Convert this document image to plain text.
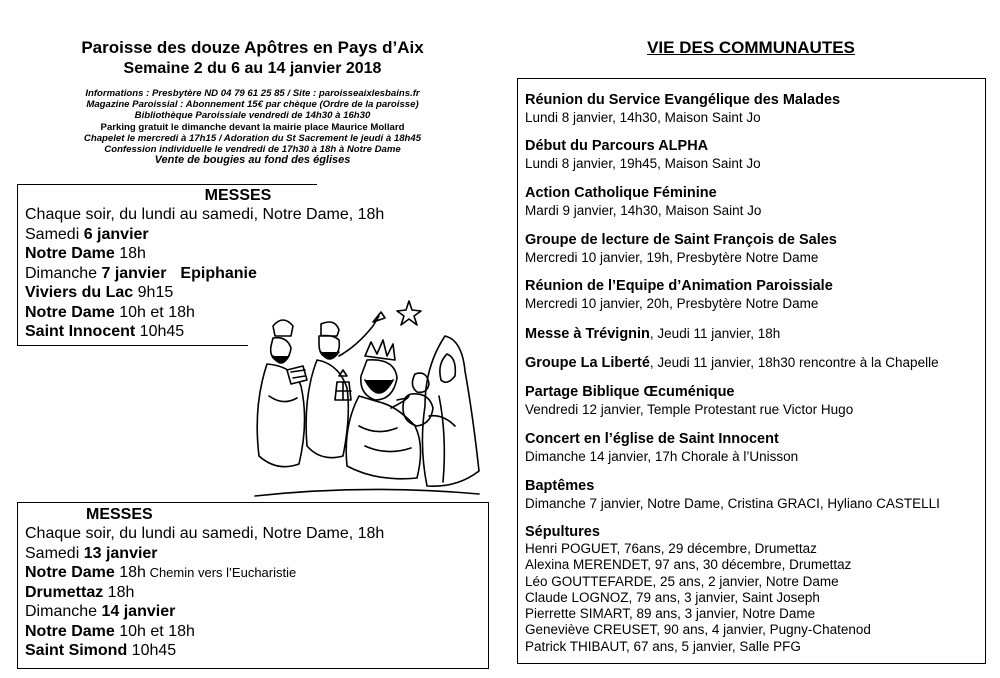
Paroisse des douze Apôtres en Pays d’Aix
Semaine 2 du 6 au 14 janvier 2018
Informations : Presbytère ND 04 79 61 25 85 / Site : paroisseaixlesbains.fr
Magazine Paroissial : Abonnement 15€ par chèque (Ordre de la paroisse)
Bibliothèque Paroissiale vendredi de 14h30 à 16h30
Parking gratuit le dimanche devant la mairie place Maurice Mollard
Chapelet le mercredi à 17h15 / Adoration du St Sacrement le jeudi à 18h45
Confession individuelle le vendredi de 17h30 à 18h à Notre Dame
Vente de bougies au fond des églises
MESSES
Chaque soir, du lundi au samedi, Notre Dame, 18h
Samedi 6 janvier
Notre Dame 18h
Dimanche 7 janvier Epiphanie
Viviers du Lac 9h15
Notre Dame 10h et 18h
Saint Innocent 10h45
MESSES
Chaque soir, du lundi au samedi, Notre Dame, 18h
Samedi 13 janvier
Notre Dame 18h Chemin vers l’Eucharistie
Drumettaz 18h
Dimanche 14 janvier
Notre Dame 10h et 18h
Saint Simond 10h45
VIE DES COMMUNAUTES
Réunion du Service Evangélique des Malades
Lundi 8 janvier, 14h30, Maison Saint Jo
Début du Parcours ALPHA
Lundi 8 janvier, 19h45, Maison Saint Jo
Action Catholique Féminine
Mardi 9 janvier, 14h30, Maison Saint Jo
Groupe de lecture de Saint François de Sales
Mercredi 10 janvier, 19h, Presbytère Notre Dame
Réunion de l’Equipe d’Animation Paroissiale
Mercredi 10 janvier, 20h, Presbytère Notre Dame
Messe à Trévignin, Jeudi 11 janvier, 18h
Groupe La Liberté, Jeudi 11 janvier, 18h30 rencontre à la Chapelle
Partage Biblique Œcuménique
Vendredi 12 janvier, Temple Protestant rue Victor Hugo
Concert en l’église de Saint Innocent
Dimanche 14 janvier, 17h Chorale à l’Unisson
Baptêmes
Dimanche 7 janvier, Notre Dame, Cristina GRACI, Hyliano CASTELLI
Sépultures
Henri POGUET, 76ans, 29 décembre, Drumettaz
Alexina MERENDET, 97 ans, 30 décembre, Drumettaz
Léo GOUTTEFARDE, 25 ans, 2 janvier, Notre Dame
Claude LOGNOZ, 79 ans, 3 janvier, Saint Joseph
Pierrette SIMART, 89 ans, 3 janvier, Notre Dame
Geneviève CREUSET, 90 ans, 4 janvier, Pugny-Chatenod
Patrick THIBAUT, 67 ans, 5 janvier, Salle PFG
